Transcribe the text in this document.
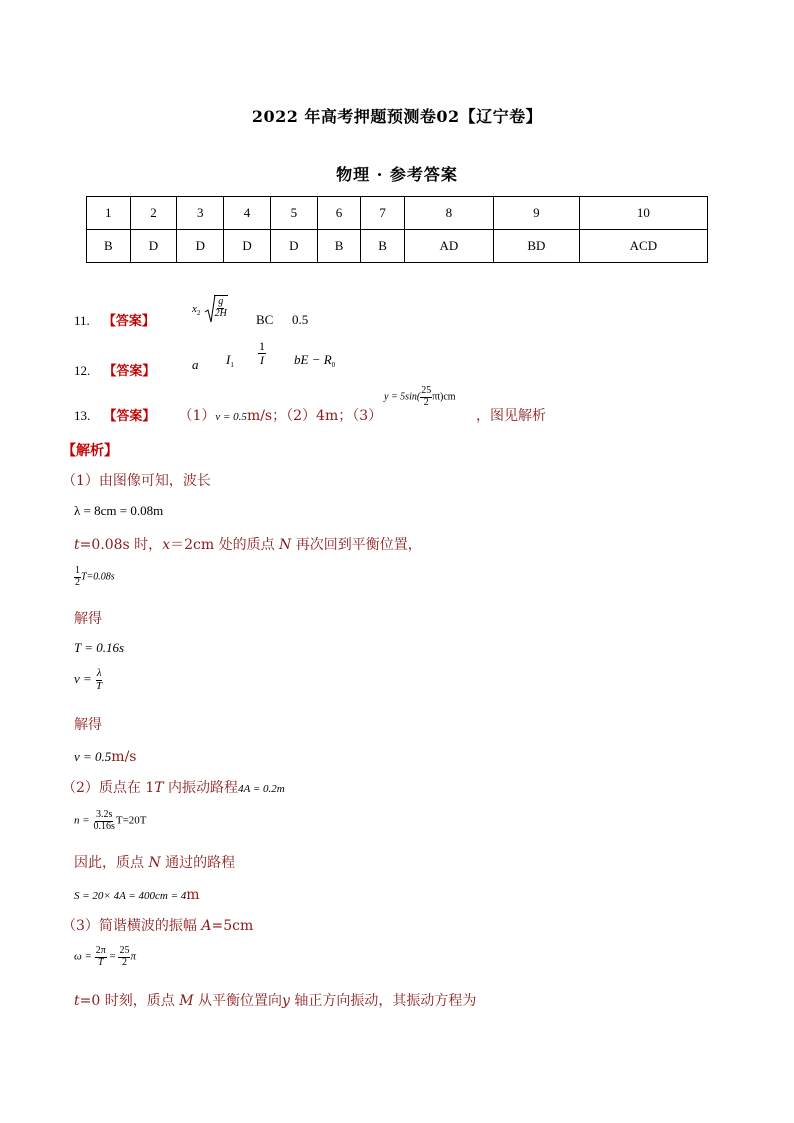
2022 年高考押题预测卷02【辽宁卷】
物理 · 参考答案
1	2	3	4	5	6	7	8	9	10
B	D	D	D	D	B	B	AD	BD	ACD
11. 【答案】
$x_2 \frac{g}{2H}$
BC 0.5
12. 【答案】	a $I_1 \frac{1}{I}$ bE − $R_0$
13. 【答案】 （1）v = 0.5m/s；（2）4m；（3）
$y = 5\sin( \frac{25}{2} \pi t)cm$
，图见解析
【解析】
（1）由图像可知，波长
λ = 8cm = 0.08m
t=0.08s 时，x＝2cm 处的质点 N 再次回到平衡位置，
$\frac{1}{2} T=0.08s$
解得
T = 0.16s
$v = \frac{\lambda}{T}$
解得
v = 0.5m/s
（2）质点在 1T 内振动路程4A = 0.2m
$n = \frac{3.2s}{0.16s} T=20T$
因此，质点 N 通过的路程
S = 20× 4A = 400cm = 4m
（3）简谐横波的振幅 A=5cm
$\omega = \frac{2\pi}{T} = \frac{25}{2}$ π
t=0 时刻，质点 M 从平衡位置向y 轴正方向振动，其振动方程为
